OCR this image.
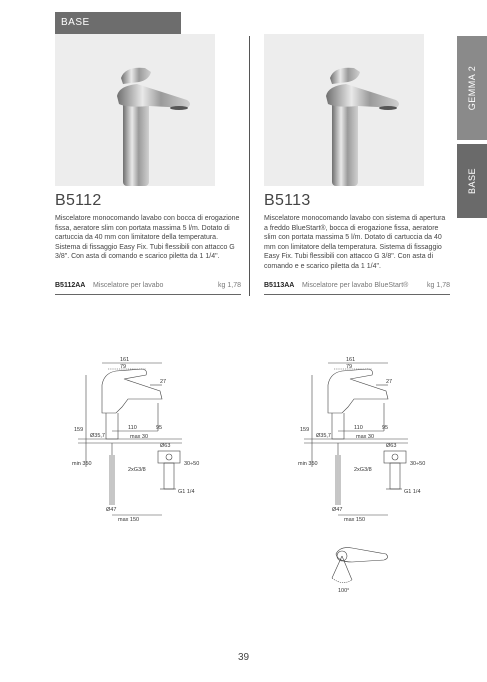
BASE
GEMMA 2
BASE
B5112
Miscelatore monocomando lavabo con bocca di erogazione fissa, aeratore slim con portata massima 5 l/m. Dotato di cartuccia da 40 mm con limitatore della temperatura. Sistema di fissaggio Easy Fix. Tubi flessibili con attacco G 3/8". Con asta di comando e scarico piletta da 1 1/4".
B5112AA	Miscelatore per lavabo	kg 1,78
B5113
Miscelatore monocomando lavabo con sistema di apertura a freddo BlueStart®, bocca di erogazione fissa, aeratore slim con portata massima 5 l/m. Dotato di cartuccia da 40 mm con limitatore della temperatura. Sistema di fissaggio Easy Fix. Tubi flessibili con attacco G 3/8". Con asta di comando e e scarico piletta da 1 1/4".
B5113AA	Miscelatore per lavabo BlueStart®	kg 1,78
161
79
27
159	110	95
Ø35,7	max 30
Ø63
min 350	30÷50
2xG3/8
G1 1/4
Ø47
max 150
161
79
27
159	110	95
Ø35,7	max 30
Ø63
min 350	30÷50
2xG3/8
G1 1/4
Ø47
max 150
100°
39
